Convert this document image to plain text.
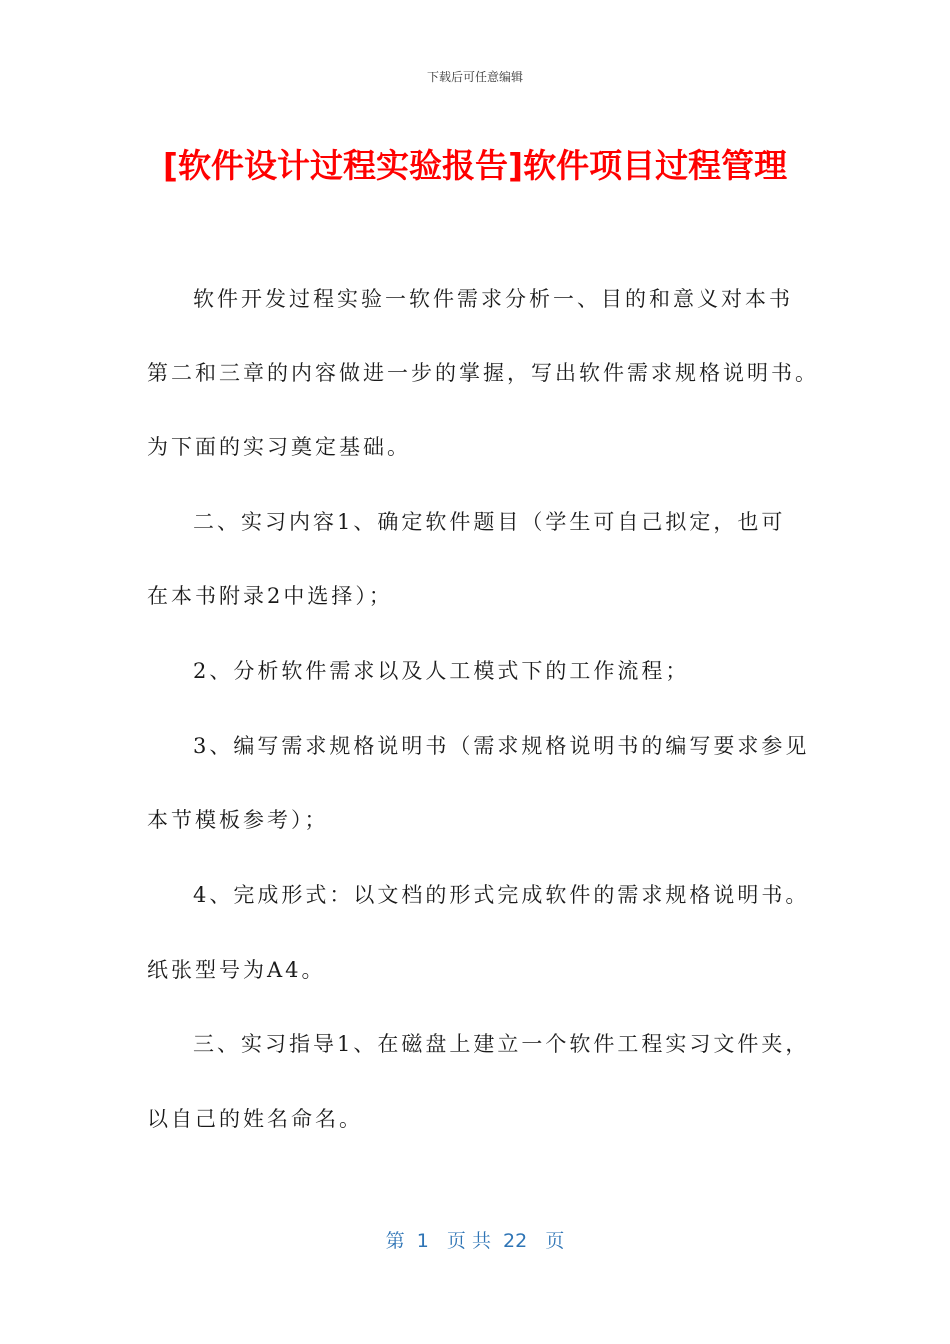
下载后可任意编辑
[软件设计过程实验报告]软件项目过程管理
软件开发过程实验一软件需求分析一、目的和意义对本书
第二和三章的内容做进一步的掌握，写出软件需求规格说明书。
为下面的实习奠定基础。
二、实习内容1、确定软件题目（学生可自己拟定，也可
在本书附录2中选择）；
2、分析软件需求以及人工模式下的工作流程；
3、编写需求规格说明书（需求规格说明书的编写要求参见
本节模板参考）；
4、完成形式：以文档的形式完成软件的需求规格说明书。
纸张型号为A4。
三、实习指导1、在磁盘上建立一个软件工程实习文件夹，
以自己的姓名命名。
第  1   页 共  22   页
